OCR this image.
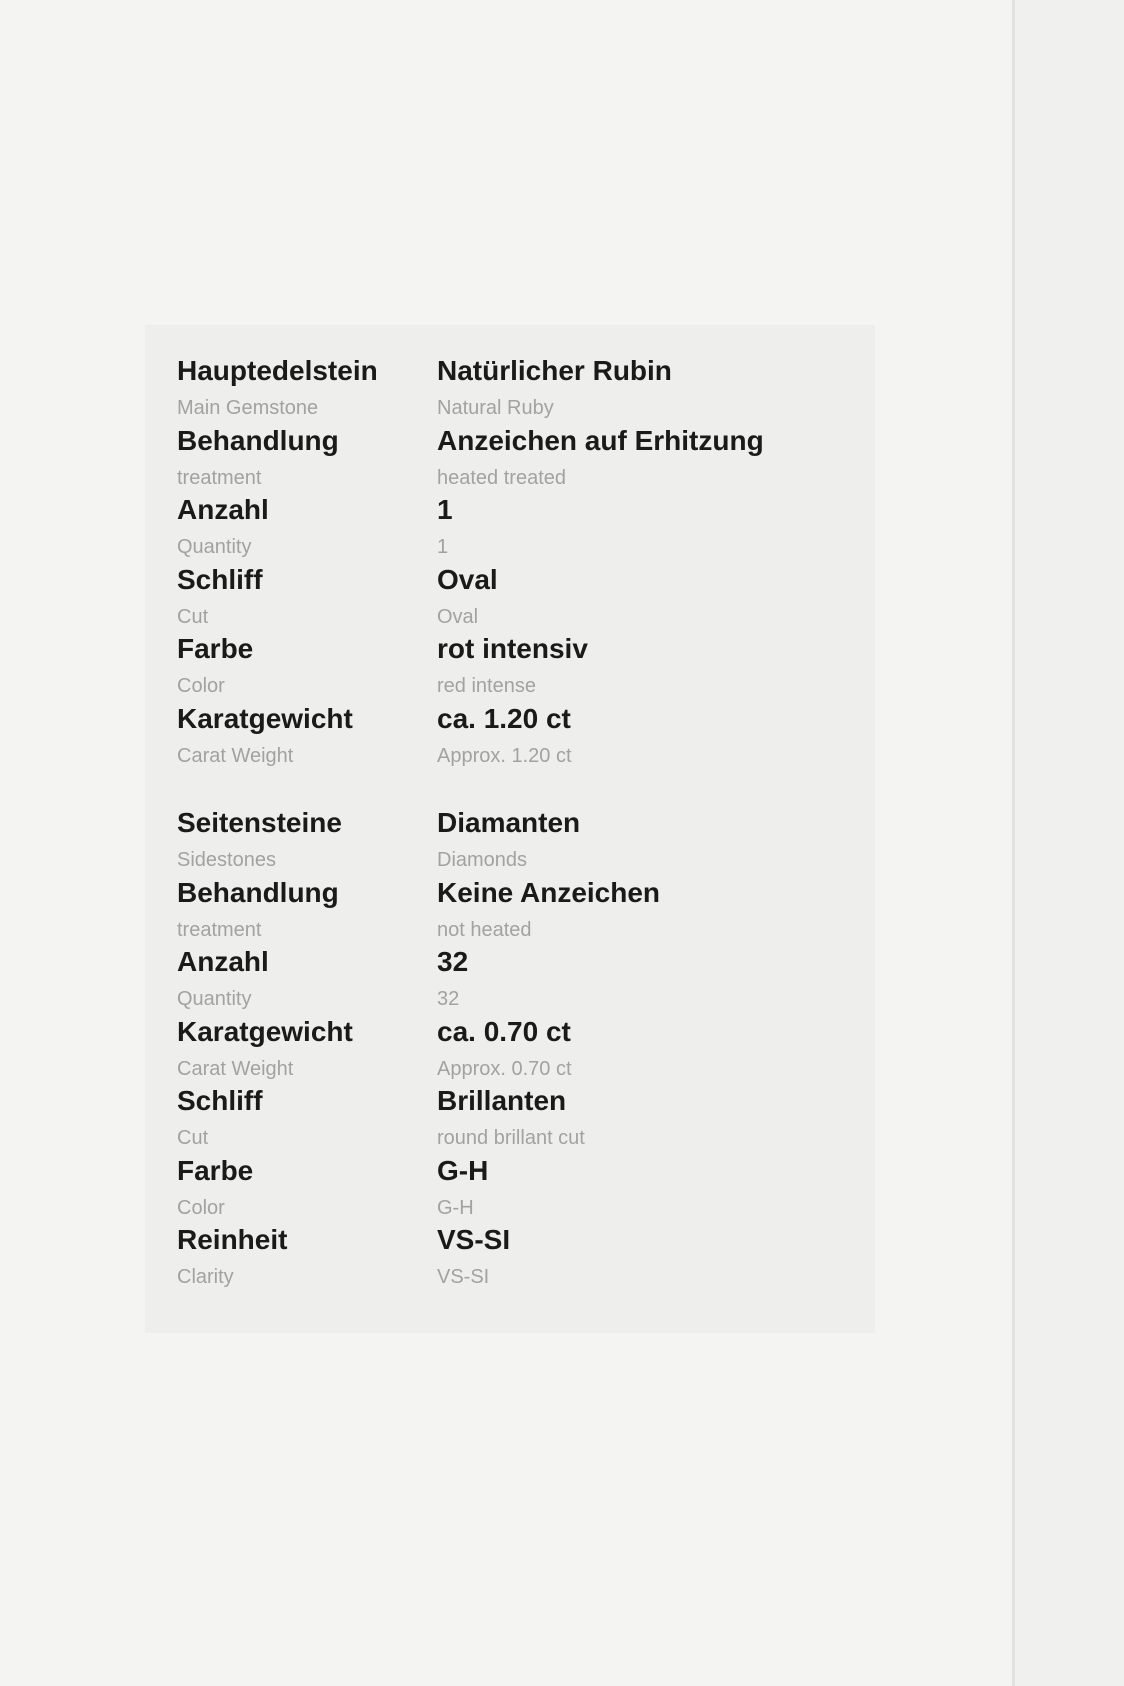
Hauptedelstein
Main Gemstone
Natürlicher Rubin
Natural Ruby
Behandlung
treatment
Anzeichen auf Erhitzung
heated treated
Anzahl
Quantity
1
1
Schliff
Cut
Oval
Oval
Farbe
Color
rot intensiv
red intense
Karatgewicht
Carat Weight
ca. 1.20 ct
Approx. 1.20 ct
Seitensteine
Sidestones
Diamanten
Diamonds
Behandlung
treatment
Keine Anzeichen
not heated
Anzahl
Quantity
32
32
Karatgewicht
Carat Weight
ca. 0.70 ct
Approx. 0.70 ct
Schliff
Cut
Brillanten
round brillant cut
Farbe
Color
G-H
G-H
Reinheit
Clarity
VS-SI
VS-SI
